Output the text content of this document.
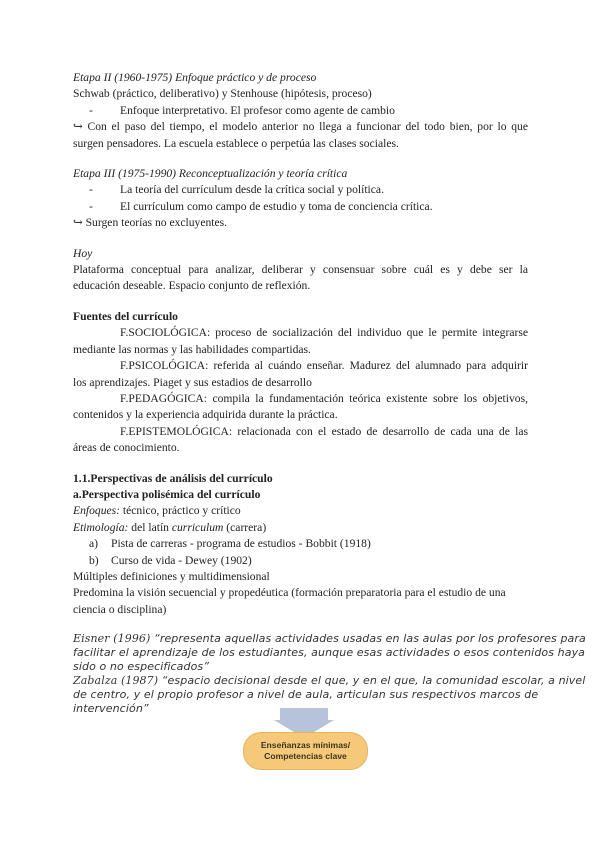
Etapa II (1960-1975) Enfoque práctico y de proceso
Schwab (práctico, deliberativo) y Stenhouse (hipótesis, proceso)
-	Enfoque interpretativo. El profesor como agente de cambio
↪ Con el paso del tiempo, el modelo anterior no llega a funcionar del todo bien, por lo que
surgen pensadores. La escuela establece o perpetúa las clases sociales.
Etapa III (1975-1990) Reconceptualización y teoría crítica
-	La teoría del currículum desde la crítica social y política.
-	El currículum como campo de estudio y toma de conciencia crítica.
↪ Surgen teorías no excluyentes.
Hoy
Plataforma conceptual para analizar, deliberar y consensuar sobre cuál es y debe ser la
educación deseable. Espacio conjunto de reflexión.
Fuentes del currículo
F.SOCIOLÓGICA: proceso de socialización del individuo que le permite integrarse
mediante las normas y las habilidades compartidas.
F.PSICOLÓGICA: referida al cuándo enseñar. Madurez del alumnado para adquirir
los aprendizajes. Piaget y sus estadios de desarrollo
F.PEDAGÓGICA: compila la fundamentación teórica existente sobre los objetivos,
contenidos y la experiencia adquirida durante la práctica.
F.EPISTEMOLÓGICA: relacionada con el estado de desarrollo de cada una de las
áreas de conocimiento.
1.1.Perspectivas de análisis del currículo
a.Perspectiva polisémica del currículo
Enfoques: técnico, práctico y crítico
Etimología: del latín curriculum (carrera)
a)	Pista de carreras - programa de estudios - Bobbit (1918)
b)	Curso de vida - Dewey (1902)
Múltiples definiciones y multidimensional
Predomina la visión secuencial y propedéutica (formación preparatoria para el estudio de una
ciencia o disciplina)
Eisner (1996) “representa aquellas actividades usadas en las aulas por los profesores para
facilitar el aprendizaje de los estudiantes, aunque esas actividades o esos contenidos haya
sido o no especificados”
Zabalza (1987) “espacio decisional desde el que, y en el que, la comunidad escolar, a nivel
de centro, y el propio profesor a nivel de aula, articulan sus respectivos marcos de
intervención”
Enseñanzas mínimas/
Competencias clave
